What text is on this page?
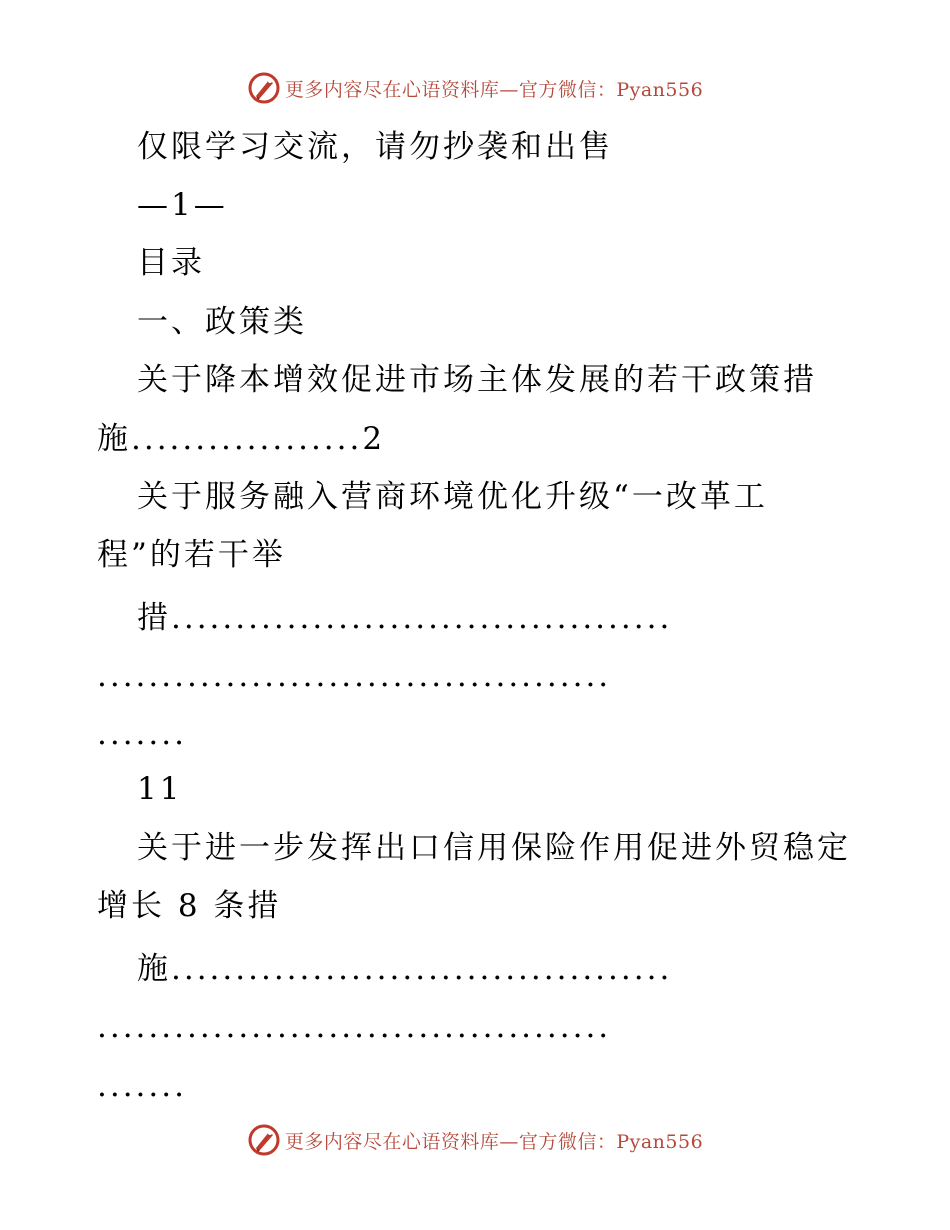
更多内容尽在心语资料库—官方微信：Pyan556
仅限学习交流，请勿抄袭和出售
—1—
目录
一、政策类
关于降本增效促进市场主体发展的若干政策措
施..................2
关于服务融入营商环境优化升级“一改革工
程”的若干举
措.......................................
........................................
.......
11
关于进一步发挥出口信用保险作用促进外贸稳定
增长 8 条措
施.......................................
........................................
.......
更多内容尽在心语资料库—官方微信：Pyan556
